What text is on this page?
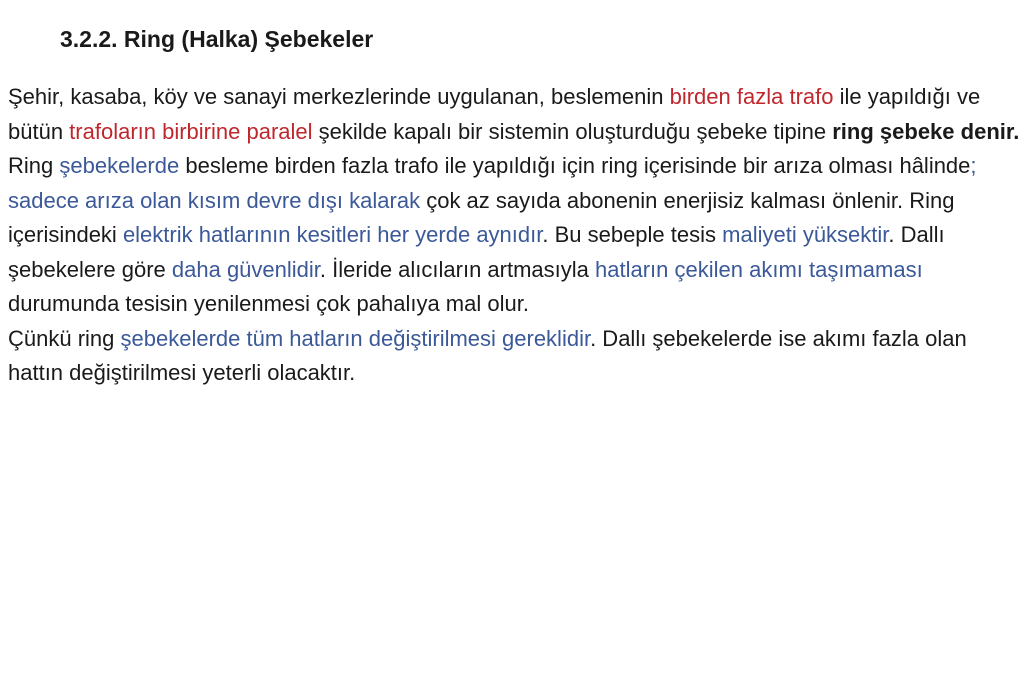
3.2.2. Ring (Halka) Şebekeler

Şehir, kasaba, köy ve sanayi merkezlerinde uygulanan, beslemenin birden fazla trafo ile yapıldığı ve bütün trafoların birbirine paralel şekilde kapalı bir sistemin oluşturduğu şebeke tipine ring şebeke denir. Ring şebekelerde besleme birden fazla trafo ile yapıldığı için ring içerisinde bir arıza olması hâlinde; sadece arıza olan kısım devre dışı kalarak çok az sayıda abonenin enerjisiz kalması önlenir. Ring içerisindeki elektrik hatlarının kesitleri her yerde aynıdır. Bu sebeple tesis maliyeti yüksektir. Dallı şebekelere göre daha güvenlidir. İleride alıcıların artmasıyla hatların çekilen akımı taşımaması durumunda tesisin yenilenmesi çok pahalıya mal olur.

Çünkü ring şebekelerde tüm hatların değiştirilmesi gereklidir. Dallı şebekelerde ise akımı fazla olan hattın değiştirilmesi yeterli olacaktır.
